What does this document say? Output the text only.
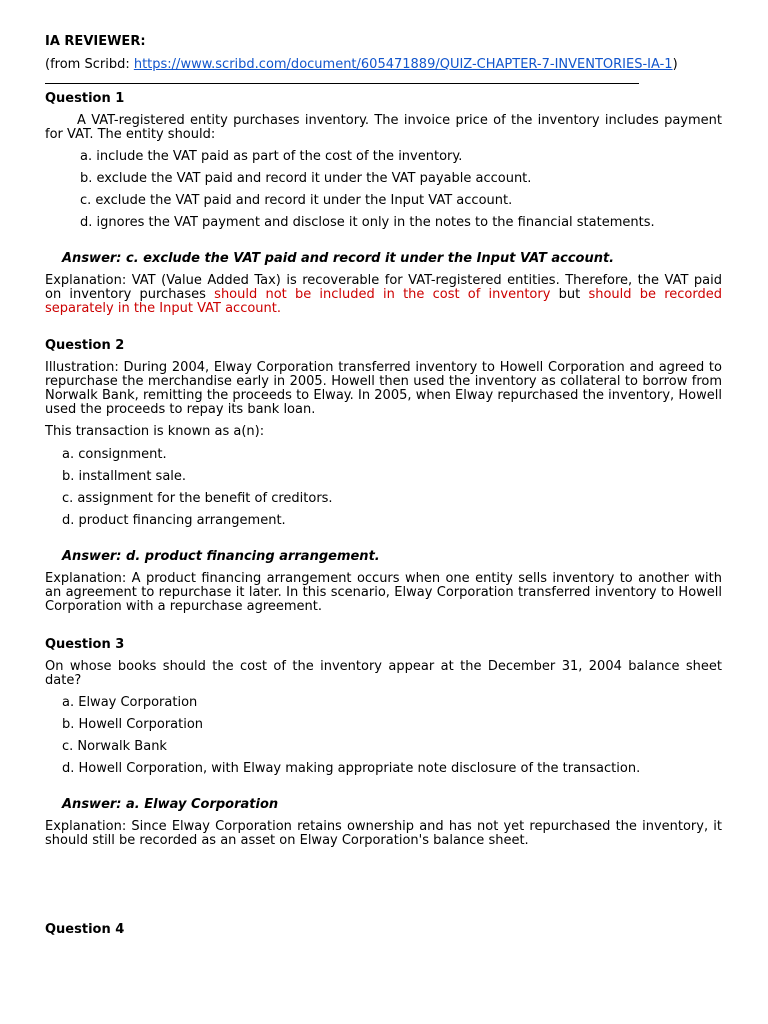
IA REVIEWER:
(from Scribd: https://www.scribd.com/document/605471889/QUIZ-CHAPTER-7-INVENTORIES-IA-1)
Question 1

A VAT-registered entity purchases inventory. The invoice price of the inventory includes payment for VAT. The entity should:

a. include the VAT paid as part of the cost of the inventory.
b. exclude the VAT paid and record it under the VAT payable account.
c. exclude the VAT paid and record it under the Input VAT account.
d. ignores the VAT payment and disclose it only in the notes to the financial statements.
Answer: c. exclude the VAT paid and record it under the Input VAT account.

Explanation: VAT (Value Added Tax) is recoverable for VAT-registered entities. Therefore, the VAT paid on inventory purchases should not be included in the cost of inventory but should be recorded separately in the Input VAT account.

Question 2

Illustration: During 2004, Elway Corporation transferred inventory to Howell Corporation and agreed to repurchase the merchandise early in 2005. Howell then used the inventory as collateral to borrow from Norwalk Bank, remitting the proceeds to Elway. In 2005, when Elway repurchased the inventory, Howell used the proceeds to repay its bank loan.

This transaction is known as a(n):

a. consignment.
b. installment sale.
c. assignment for the benefit of creditors.
d. product financing arrangement.
Answer: d. product financing arrangement.

Explanation: A product financing arrangement occurs when one entity sells inventory to another with an agreement to repurchase it later. In this scenario, Elway Corporation transferred inventory to Howell Corporation with a repurchase agreement.

Question 3

On whose books should the cost of the inventory appear at the December 31, 2004 balance sheet date?

a. Elway Corporation
b. Howell Corporation
c. Norwalk Bank
d. Howell Corporation, with Elway making appropriate note disclosure of the transaction.
Answer: a. Elway Corporation

Explanation: Since Elway Corporation retains ownership and has not yet repurchased the inventory, it should still be recorded as an asset on Elway Corporation's balance sheet.

Question 4
